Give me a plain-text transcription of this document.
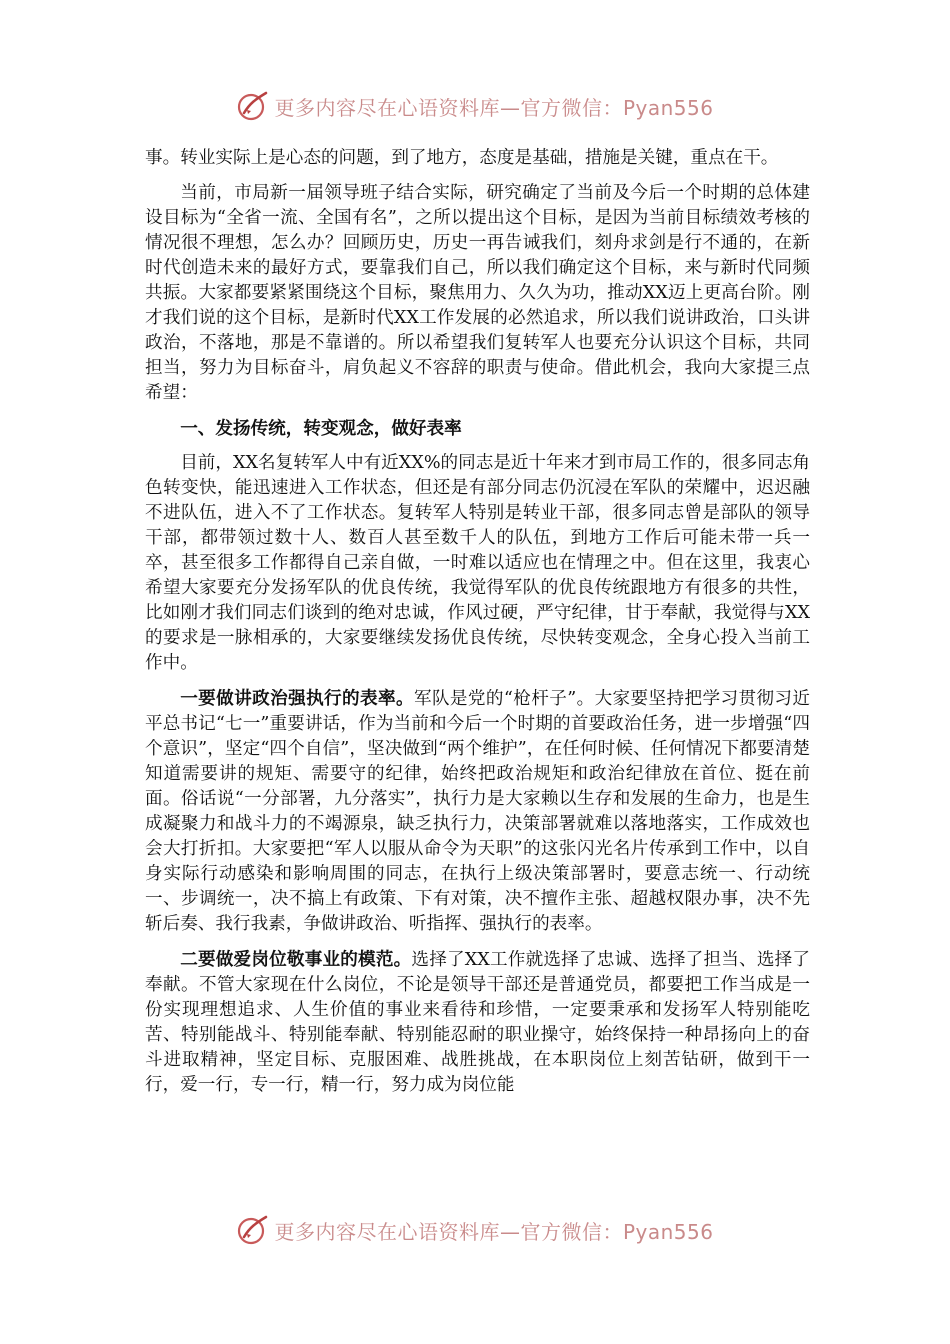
更多内容尽在心语资料库—官方微信：Pyan556

事。转业实际上是心态的问题，到了地方，态度是基础，措施是关键，重点在干。

当前，市局新一届领导班子结合实际，研究确定了当前及今后一个时期的总体建设目标为“全省一流、全国有名”，之所以提出这个目标，是因为当前目标绩效考核的情况很不理想，怎么办？回顾历史，历史一再告诫我们，刻舟求剑是行不通的，在新时代创造未来的最好方式，要靠我们自己，所以我们确定这个目标，来与新时代同频共振。大家都要紧紧围绕这个目标，聚焦用力、久久为功，推动XX迈上更高台阶。刚才我们说的这个目标，是新时代XX工作发展的必然追求，所以我们说讲政治，口头讲政治，不落地，那是不靠谱的。所以希望我们复转军人也要充分认识这个目标，共同担当，努力为目标奋斗，肩负起义不容辞的职责与使命。借此机会，我向大家提三点希望：

一、发扬传统，转变观念，做好表率

目前，XX名复转军人中有近XX%的同志是近十年来才到市局工作的，很多同志角色转变快，能迅速进入工作状态，但还是有部分同志仍沉浸在军队的荣耀中，迟迟融不进队伍，进入不了工作状态。复转军人特别是转业干部，很多同志曾是部队的领导干部，都带领过数十人、数百人甚至数千人的队伍，到地方工作后可能未带一兵一卒，甚至很多工作都得自己亲自做，一时难以适应也在情理之中。但在这里，我衷心希望大家要充分发扬军队的优良传统，我觉得军队的优良传统跟地方有很多的共性，比如刚才我们同志们谈到的绝对忠诚，作风过硬，严守纪律，甘于奉献，我觉得与XX的要求是一脉相承的，大家要继续发扬优良传统，尽快转变观念，全身心投入当前工作中。

一要做讲政治强执行的表率。军队是党的“枪杆子”。大家要坚持把学习贯彻习近平总书记“七一”重要讲话，作为当前和今后一个时期的首要政治任务，进一步增强“四个意识”，坚定“四个自信”，坚决做到“两个维护”，在任何时候、任何情况下都要清楚知道需要讲的规矩、需要守的纪律，始终把政治规矩和政治纪律放在首位、挺在前面。俗话说“一分部署，九分落实”，执行力是大家赖以生存和发展的生命力，也是生成凝聚力和战斗力的不竭源泉，缺乏执行力，决策部署就难以落地落实，工作成效也会大打折扣。大家要把“军人以服从命令为天职”的这张闪光名片传承到工作中，以自身实际行动感染和影响周围的同志，在执行上级决策部署时，要意志统一、行动统一、步调统一，决不搞上有政策、下有对策，决不擅作主张、超越权限办事，决不先斩后奏、我行我素，争做讲政治、听指挥、强执行的表率。

二要做爱岗位敬事业的模范。选择了XX工作就选择了忠诚、选择了担当、选择了奉献。不管大家现在什么岗位，不论是领导干部还是普通党员，都要把工作当成是一份实现理想追求、人生价值的事业来看待和珍惜，一定要秉承和发扬军人特别能吃苦、特别能战斗、特别能奉献、特别能忍耐的职业操守，始终保持一种昂扬向上的奋斗进取精神，坚定目标、克服困难、战胜挑战，在本职岗位上刻苦钻研，做到干一行，爱一行，专一行，精一行，努力成为岗位能

更多内容尽在心语资料库—官方微信：Pyan556
